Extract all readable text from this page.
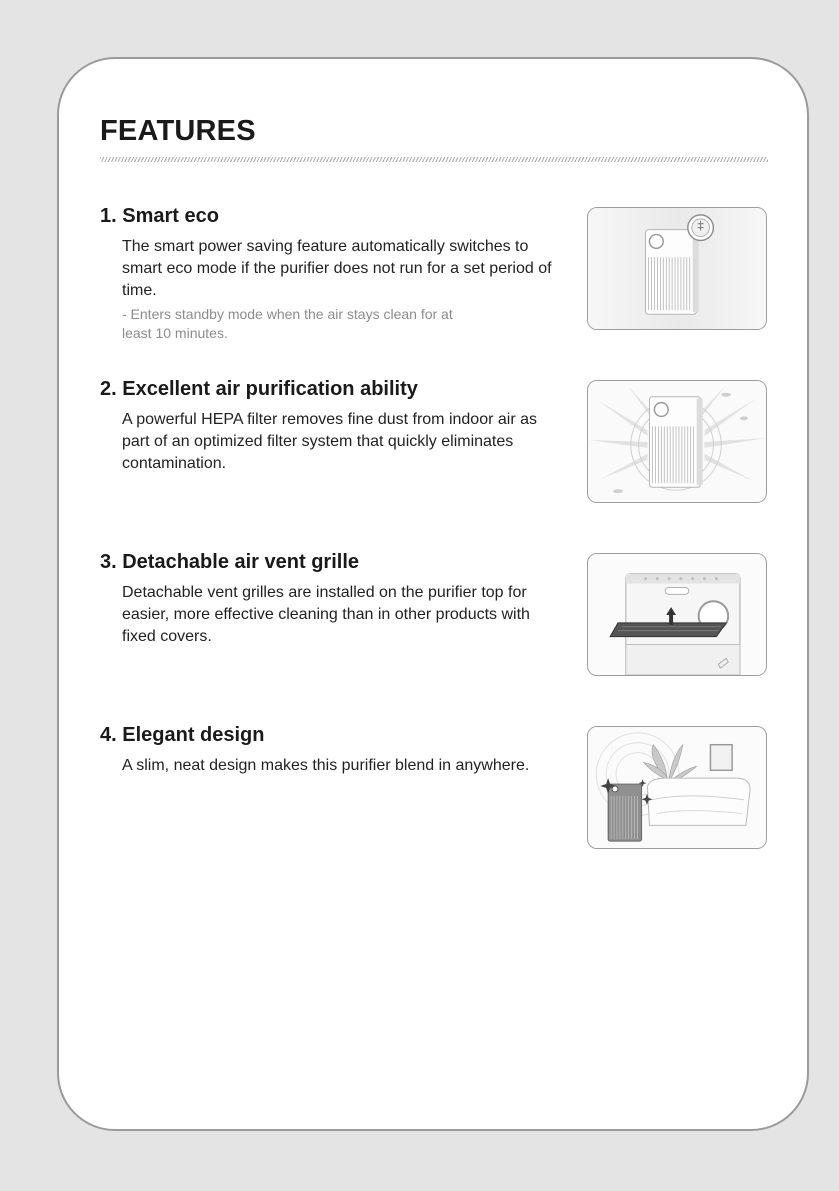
FEATURES
1. Smart eco

The smart power saving feature automatically switches to smart eco mode if the purifier does not run for a set period of time.

- Enters standby mode when the air stays clean for at least 10 minutes.

2. Excellent air purification ability

A powerful HEPA filter removes fine dust from indoor air as part of an optimized filter system that quickly eliminates contamination.

3. Detachable air vent grille

Detachable vent grilles are installed on the purifier top for easier, more effective cleaning than in other products with fixed covers.

4. Elegant design

A slim, neat design makes this purifier blend in anywhere.
